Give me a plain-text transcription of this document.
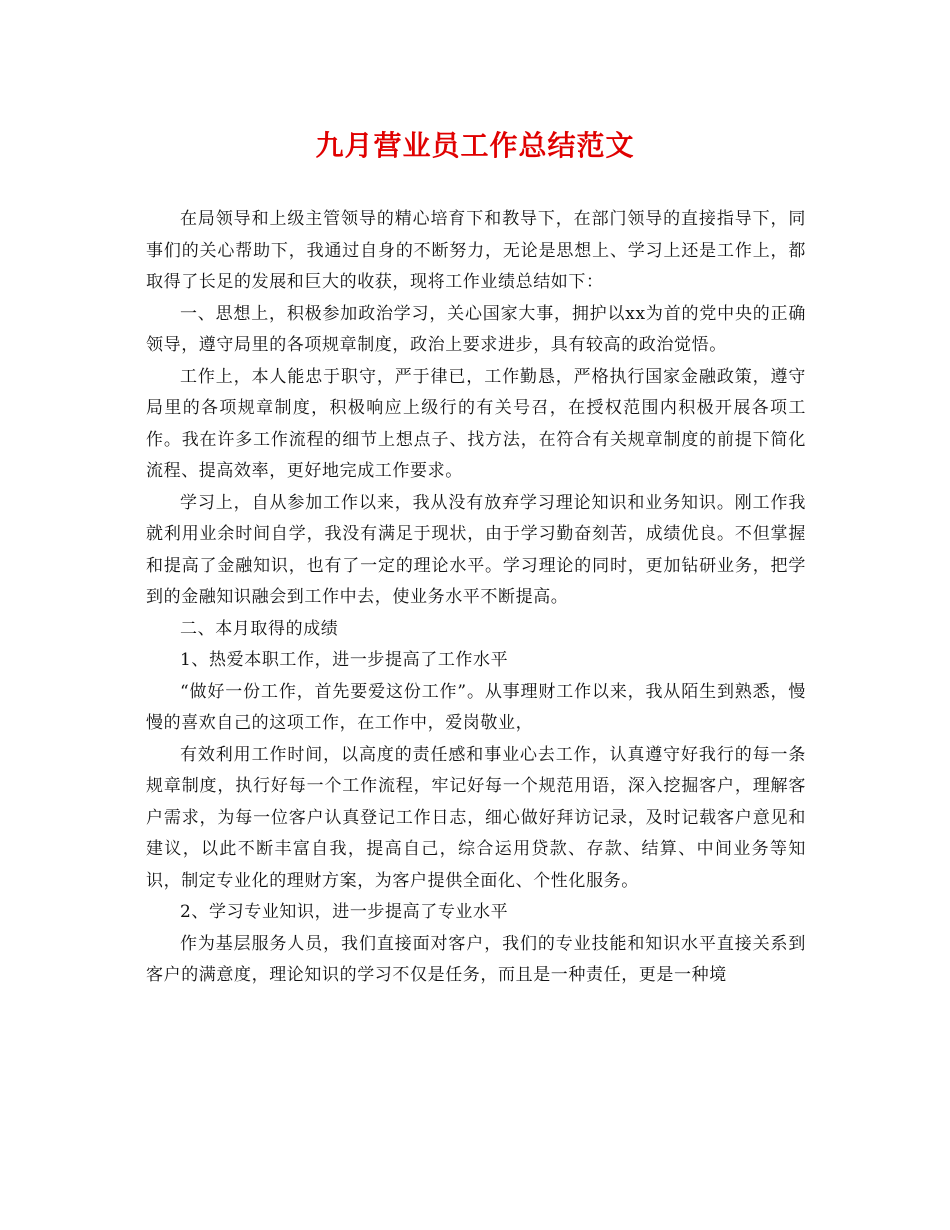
九月营业员工作总结范文

在局领导和上级主管领导的精心培育下和教导下，在部门领导的直接指导下，同事们的关心帮助下，我通过自身的不断努力，无论是思想上、学习上还是工作上，都取得了长足的发展和巨大的收获，现将工作业绩总结如下：

一、思想上，积极参加政治学习，关心国家大事，拥护以xx为首的党中央的正确领导，遵守局里的各项规章制度，政治上要求进步，具有较高的政治觉悟。

工作上，本人能忠于职守，严于律已，工作勤恳，严格执行国家金融政策，遵守局里的各项规章制度，积极响应上级行的有关号召，在授权范围内积极开展各项工作。我在许多工作流程的细节上想点子、找方法，在符合有关规章制度的前提下简化流程、提高效率，更好地完成工作要求。

学习上，自从参加工作以来，我从没有放弃学习理论知识和业务知识。刚工作我就利用业余时间自学，我没有满足于现状，由于学习勤奋刻苦，成绩优良。不但掌握和提高了金融知识，也有了一定的理论水平。学习理论的同时，更加钻研业务，把学到的金融知识融会到工作中去，使业务水平不断提高。

二、本月取得的成绩

1、热爱本职工作，进一步提高了工作水平

“做好一份工作，首先要爱这份工作”。从事理财工作以来，我从陌生到熟悉，慢慢的喜欢自己的这项工作，在工作中，爱岗敬业，

有效利用工作时间，以高度的责任感和事业心去工作，认真遵守好我行的每一条规章制度，执行好每一个工作流程，牢记好每一个规范用语，深入挖掘客户，理解客户需求，为每一位客户认真登记工作日志，细心做好拜访记录，及时记载客户意见和建议，以此不断丰富自我，提高自己，综合运用贷款、存款、结算、中间业务等知识，制定专业化的理财方案，为客户提供全面化、个性化服务。

2、学习专业知识，进一步提高了专业水平

作为基层服务人员，我们直接面对客户，我们的专业技能和知识水平直接关系到客户的满意度，理论知识的学习不仅是任务，而且是一种责任，更是一种境
